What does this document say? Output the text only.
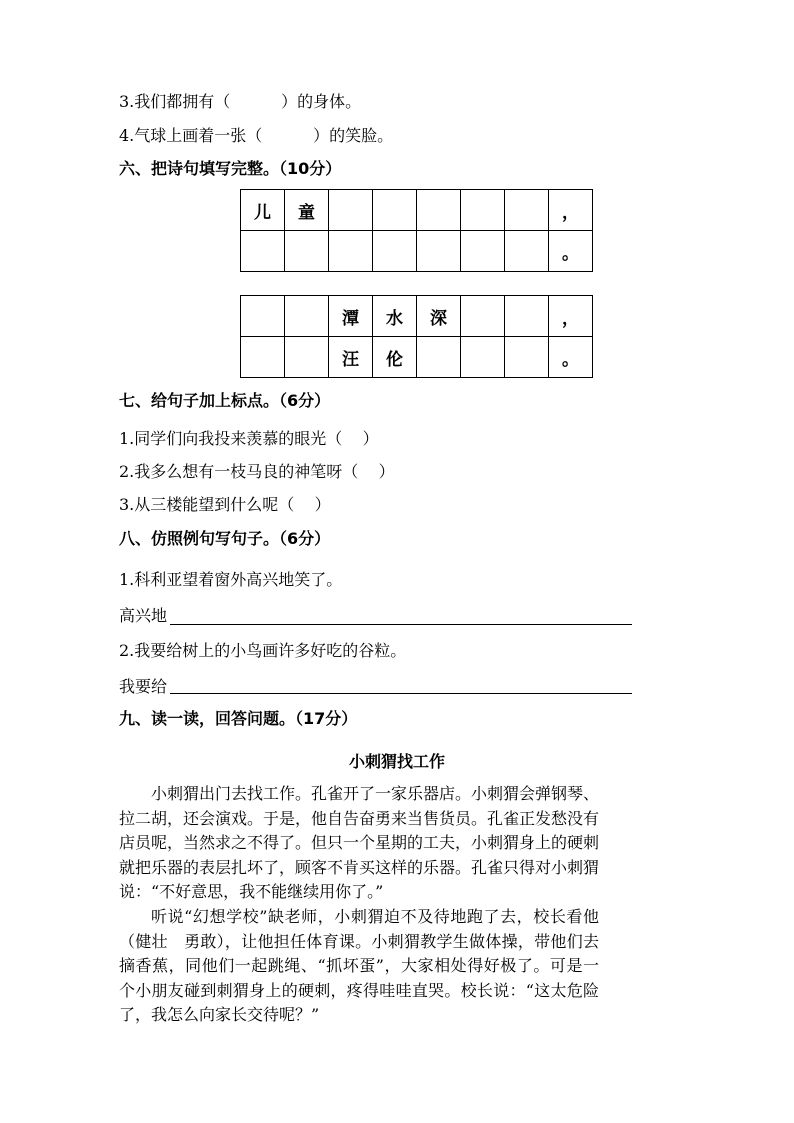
3.我们都拥有（          ）的身体。
4.气球上画着一张（          ）的笑脸。
六、把诗句填写完整。（10分）
儿	童						，
							。
		潭	水	深			，
		汪	伦				。
七、给句子加上标点。（6分）
1.同学们向我投来羡慕的眼光（    ）
2.我多么想有一枝马良的神笔呀（    ）
3.从三楼能望到什么呢（    ）
八、仿照例句写句子。（6分）
1.科利亚望着窗外高兴地笑了。
高兴地
2.我要给树上的小鸟画许多好吃的谷粒。
我要给
九、读一读，回答问题。（17分）
小刺猬找工作
小刺猬出门去找工作。孔雀开了一家乐器店。小刺猬会弹钢琴、拉二胡，还会演戏。于是，他自告奋勇来当售货员。孔雀正发愁没有店员呢，当然求之不得了。但只一个星期的工夫，小刺猬身上的硬刺就把乐器的表层扎坏了，顾客不肯买这样的乐器。孔雀只得对小刺猬说：“不好意思，我不能继续用你了。”
听说“幻想学校”缺老师，小刺猬迫不及待地跑了去，校长看他（健壮　勇敢），让他担任体育课。小刺猬教学生做体操，带他们去摘香蕉，同他们一起跳绳、“抓坏蛋”，大家相处得好极了。可是一个小朋友碰到刺猬身上的硬刺，疼得哇哇直哭。校长说：“这太危险了，我怎么向家长交待呢？”
